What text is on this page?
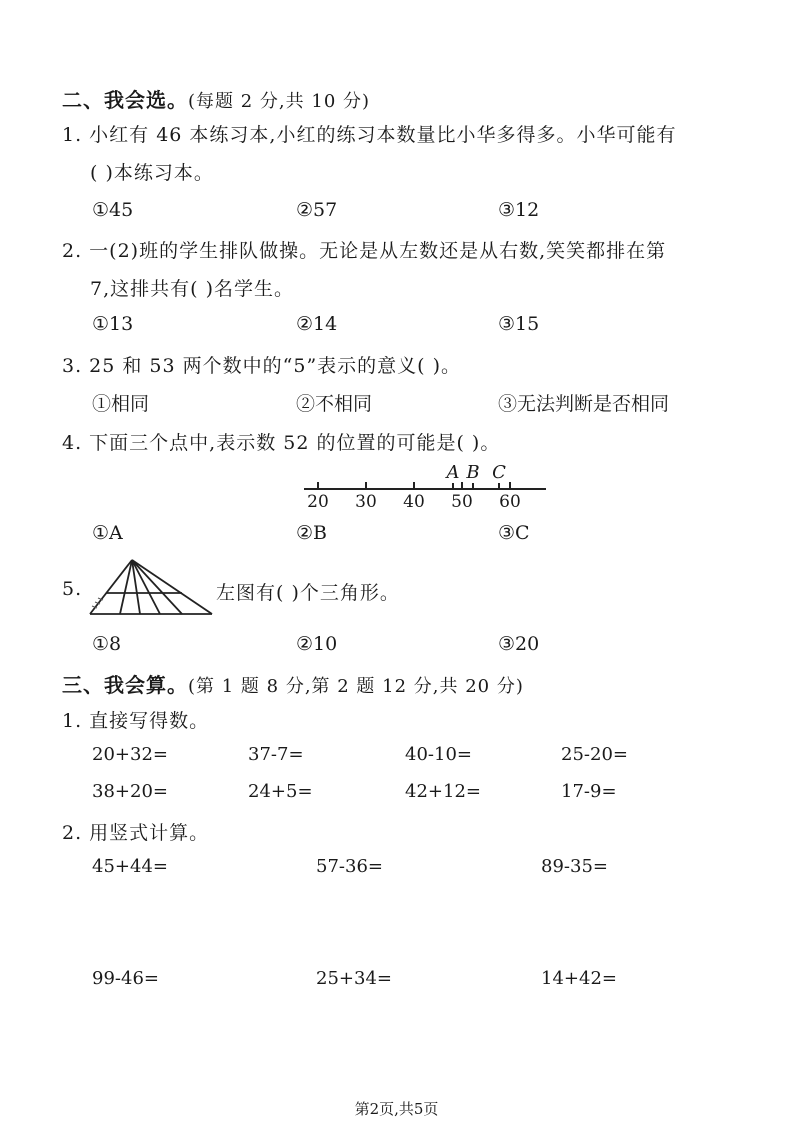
二、我会选。(每题 2 分,共 10 分)
1. 小红有 46 本练习本,小红的练习本数量比小华多得多。小华可能有
( )本练习本。
①45	②57	③12
2. 一(2)班的学生排队做操。无论是从左数还是从右数,笑笑都排在第
7,这排共有( )名学生。
①13	②14	③15
3. 25 和 53 两个数中的“5”表示的意义( )。
①相同	②不相同	③无法判断是否相同
4. 下面三个点中,表示数 52 的位置的可能是( )。
20 30 40 50 60
A B C
①A	②B	③C
5.	左图有( )个三角形。
①8	②10	③20
三、我会算。(第 1 题 8 分,第 2 题 12 分,共 20 分)
1. 直接写得数。
20+32=	37-7=	40-10=	25-20=
38+20=	24+5=	42+12=	17-9=
2. 用竖式计算。
45+44=	57-36=	89-35=
99-46=	25+34=	14+42=
第2页,共5页
